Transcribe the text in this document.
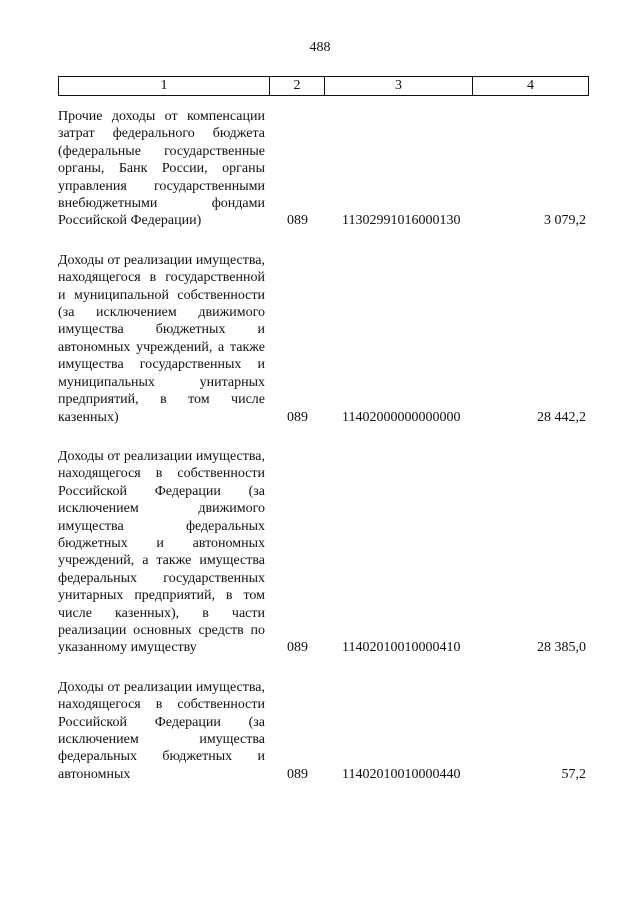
488
1	2	3	4
Прочие доходы от компенсации затрат федерального бюджета (федеральные государственные органы, Банк России, органы управления государственными внебюджетными фондами Российской Федерации)	089 11302991016000130	3 079,2
Доходы от реализации имущества, находящегося в государственной и муниципальной собственности (за исключением движимого имущества бюджетных и автономных учреждений, а также имущества государственных и муниципальных унитарных предприятий, в том числе казенных)	089 11402000000000000	28 442,2
Доходы от реализации имущества, находящегося в собственности Российской Федерации (за исключением движимого имущества федеральных бюджетных и автономных учреждений, а также имущества федеральных государственных унитарных предприятий, в том числе казенных), в части реализации основных средств по указанному имуществу	089 11402010010000410	28 385,0
Доходы от реализации имущества, находящегося в собственности Российской Федерации (за исключением имущества федеральных бюджетных и автономных	089 11402010010000440	57,2
